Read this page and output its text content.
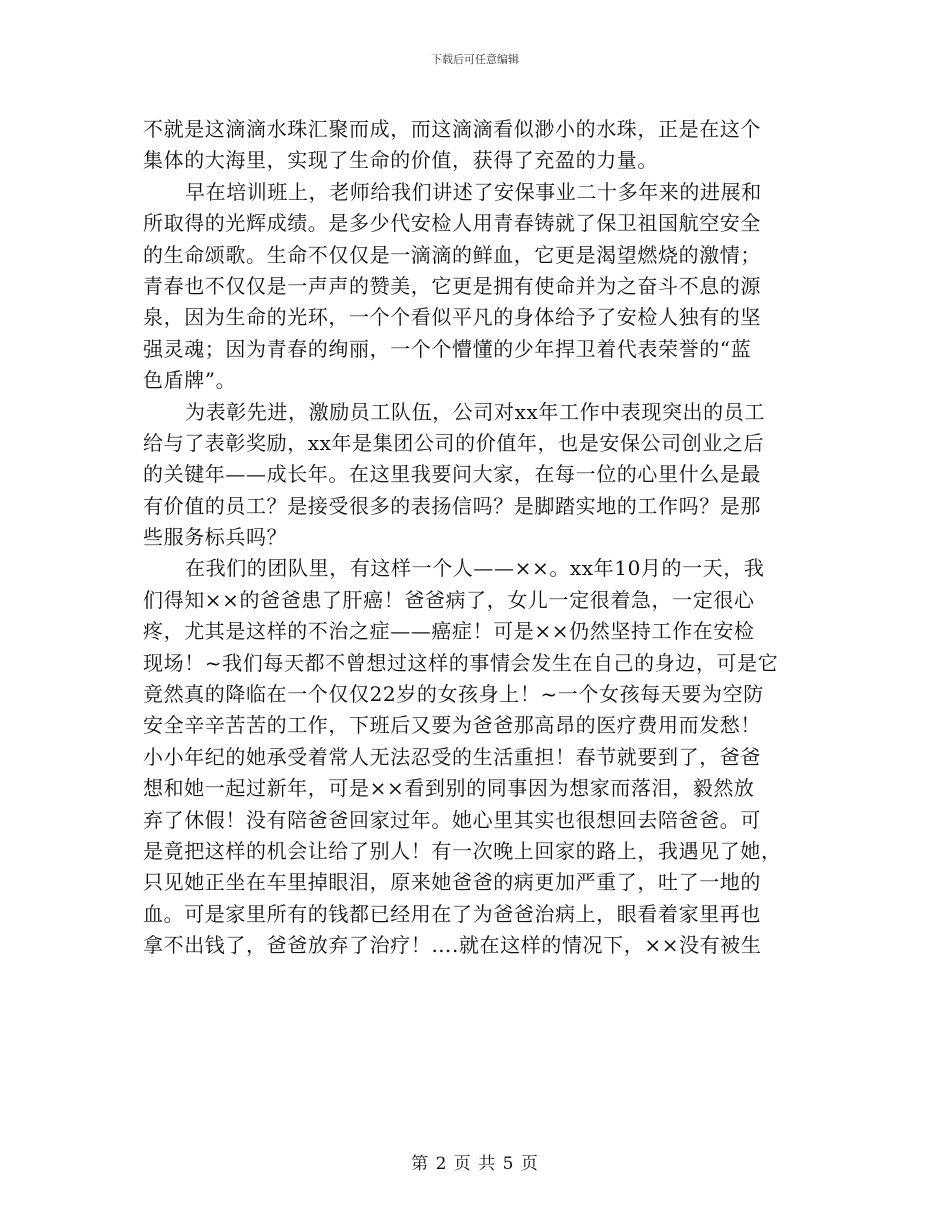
下载后可任意编辑
不就是这滴滴水珠汇聚而成，而这滴滴看似渺小的水珠，正是在这个
集体的大海里，实现了生命的价值，获得了充盈的力量。
早在培训班上，老师给我们讲述了安保事业二十多年来的进展和
所取得的光辉成绩。是多少代安检人用青春铸就了保卫祖国航空安全
的生命颂歌。生命不仅仅是一滴滴的鲜血，它更是渴望燃烧的激情；
青春也不仅仅是一声声的赞美，它更是拥有使命并为之奋斗不息的源
泉，因为生命的光环，一个个看似平凡的身体给予了安检人独有的坚
强灵魂；因为青春的绚丽，一个个懵懂的少年捍卫着代表荣誉的“蓝
色盾牌”。
为表彰先进，激励员工队伍，公司对xx年工作中表现突出的员工
给与了表彰奖励，xx年是集团公司的价值年，也是安保公司创业之后
的关键年——成长年。在这里我要问大家，在每一位的心里什么是最
有价值的员工？是接受很多的表扬信吗？是脚踏实地的工作吗？是那
些服务标兵吗？
在我们的团队里，有这样一个人——××。xx年10月的一天，我
们得知××的爸爸患了肝癌！爸爸病了，女儿一定很着急，一定很心
疼，尤其是这样的不治之症——癌症！可是××仍然坚持工作在安检
现场！~我们每天都不曾想过这样的事情会发生在自己的身边，可是它
竟然真的降临在一个仅仅22岁的女孩身上！~一个女孩每天要为空防
安全辛辛苦苦的工作，下班后又要为爸爸那高昂的医疗费用而发愁！
小小年纪的她承受着常人无法忍受的生活重担！春节就要到了，爸爸
想和她一起过新年，可是××看到别的同事因为想家而落泪，毅然放
弃了休假！没有陪爸爸回家过年。她心里其实也很想回去陪爸爸。可
是竟把这样的机会让给了别人！有一次晚上回家的路上，我遇见了她，
只见她正坐在车里掉眼泪，原来她爸爸的病更加严重了，吐了一地的
血。可是家里所有的钱都已经用在了为爸爸治病上，眼看着家里再也
拿不出钱了，爸爸放弃了治疗！….就在这样的情况下，××没有被生
第 2 页 共 5 页
